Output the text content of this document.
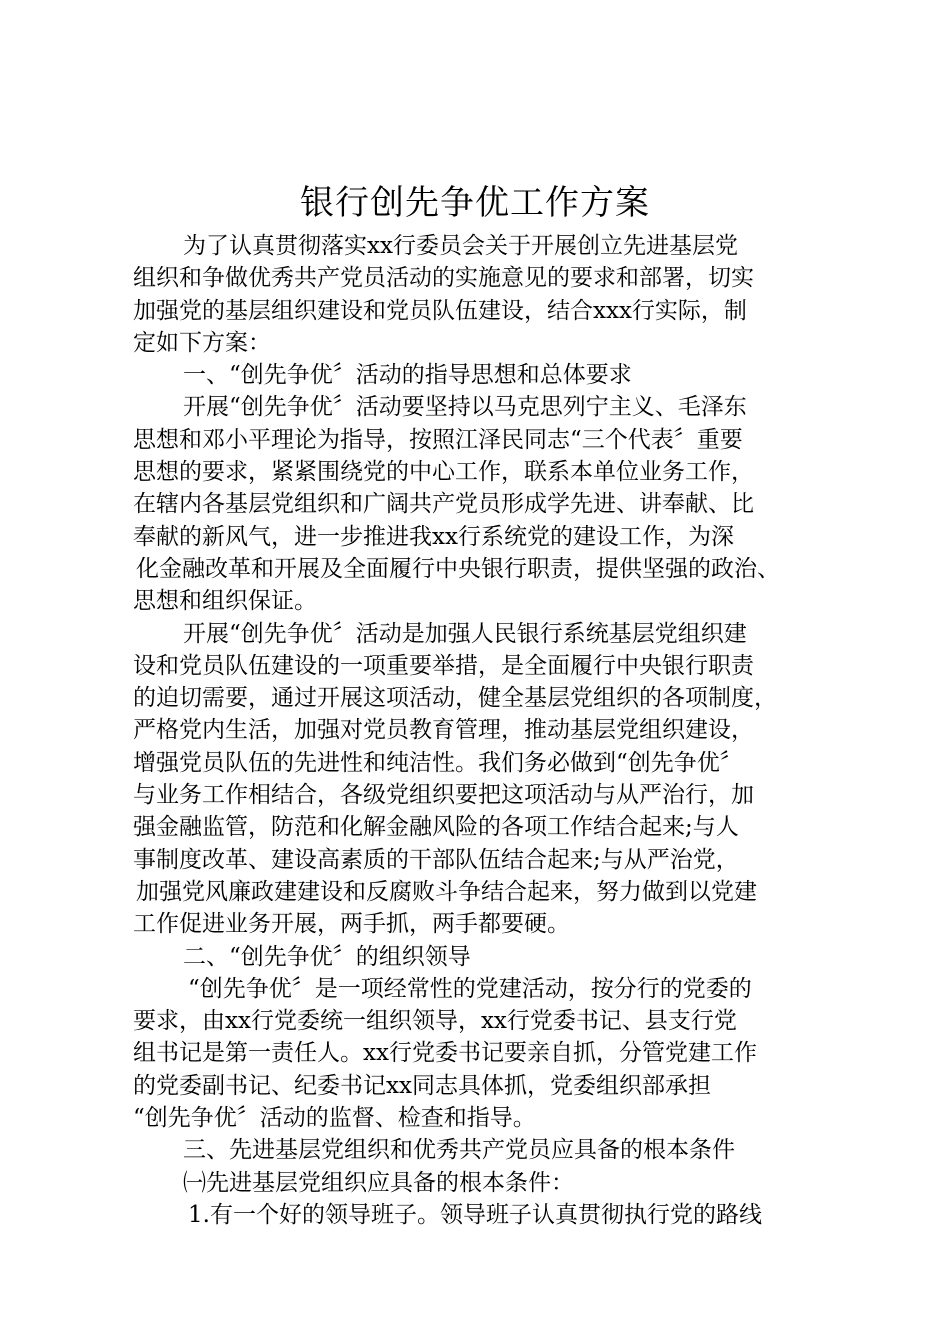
银行创先争优工作方案
为了认真贯彻落实xx行委员会关于开展创立先进基层党
组织和争做优秀共产党员活动的实施意见的要求和部署，切实
加强党的基层组织建设和党员队伍建设，结合xxx行实际，制
定如下方案：
一、“创先争优〞活动的指导思想和总体要求
开展“创先争优〞活动要坚持以马克思列宁主义、毛泽东
思想和邓小平理论为指导，按照江泽民同志“三个代表〞重要
思想的要求，紧紧围绕党的中心工作，联系本单位业务工作，
在辖内各基层党组织和广阔共产党员形成学先进、讲奉献、比
奉献的新风气，进一步推进我xx行系统党的建设工作，为深
化金融改革和开展及全面履行中央银行职责，提供坚强的政治、
思想和组织保证。
开展“创先争优〞活动是加强人民银行系统基层党组织建
设和党员队伍建设的一项重要举措，是全面履行中央银行职责
的迫切需要，通过开展这项活动，健全基层党组织的各项制度，
严格党内生活，加强对党员教育管理，推动基层党组织建设，
增强党员队伍的先进性和纯洁性。我们务必做到“创先争优〞
与业务工作相结合，各级党组织要把这项活动与从严治行，加
强金融监管，防范和化解金融风险的各项工作结合起来;与人
事制度改革、建设高素质的干部队伍结合起来;与从严治党，
加强党风廉政建建设和反腐败斗争结合起来，努力做到以党建
工作促进业务开展，两手抓，两手都要硬。
二、“创先争优〞的组织领导
“创先争优〞是一项经常性的党建活动，按分行的党委的
要求，由xx行党委统一组织领导，xx行党委书记、县支行党
组书记是第一责任人。xx行党委书记要亲自抓，分管党建工作
的党委副书记、纪委书记xx同志具体抓，党委组织部承担
“创先争优〞活动的监督、检查和指导。
三、先进基层党组织和优秀共产党员应具备的根本条件
㈠先进基层党组织应具备的根本条件：
1.有一个好的领导班子。领导班子认真贯彻执行党的路线
